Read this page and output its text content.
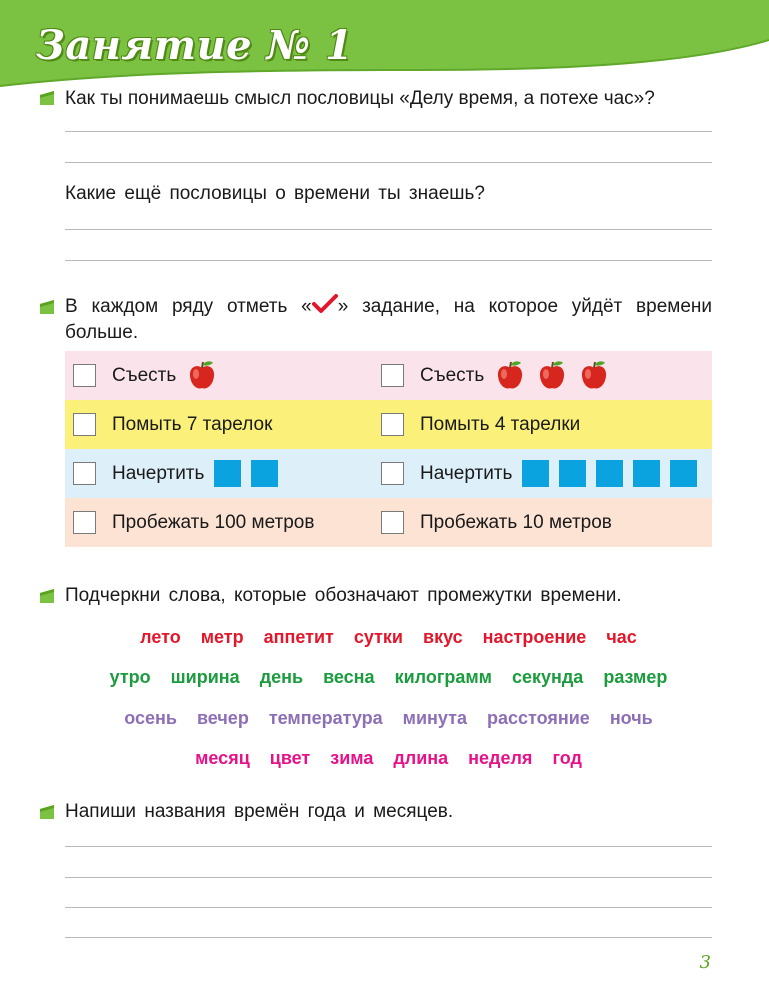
Занятие № 1
Как ты понимаешь смысл пословицы «Делу время, а потехе час»?
Какие ещё пословицы о времени ты знаешь?
В каждом ряду отметь « » задание, на которое уйдёт времени больше.
Съесть	Съесть
Помыть 7 тарелок	Помыть 4 тарелки
Начертить	Начертить
Пробежать 100 метров	Пробежать 10 метров
Подчеркни слова, которые обозначают промежутки времени.
лето метр аппетит сутки вкус настроение час
утро ширина день весна килограмм секунда размер
осень вечер температура минута расстояние ночь
месяц цвет зима длина неделя год
Напиши названия времён года и месяцев.
3
